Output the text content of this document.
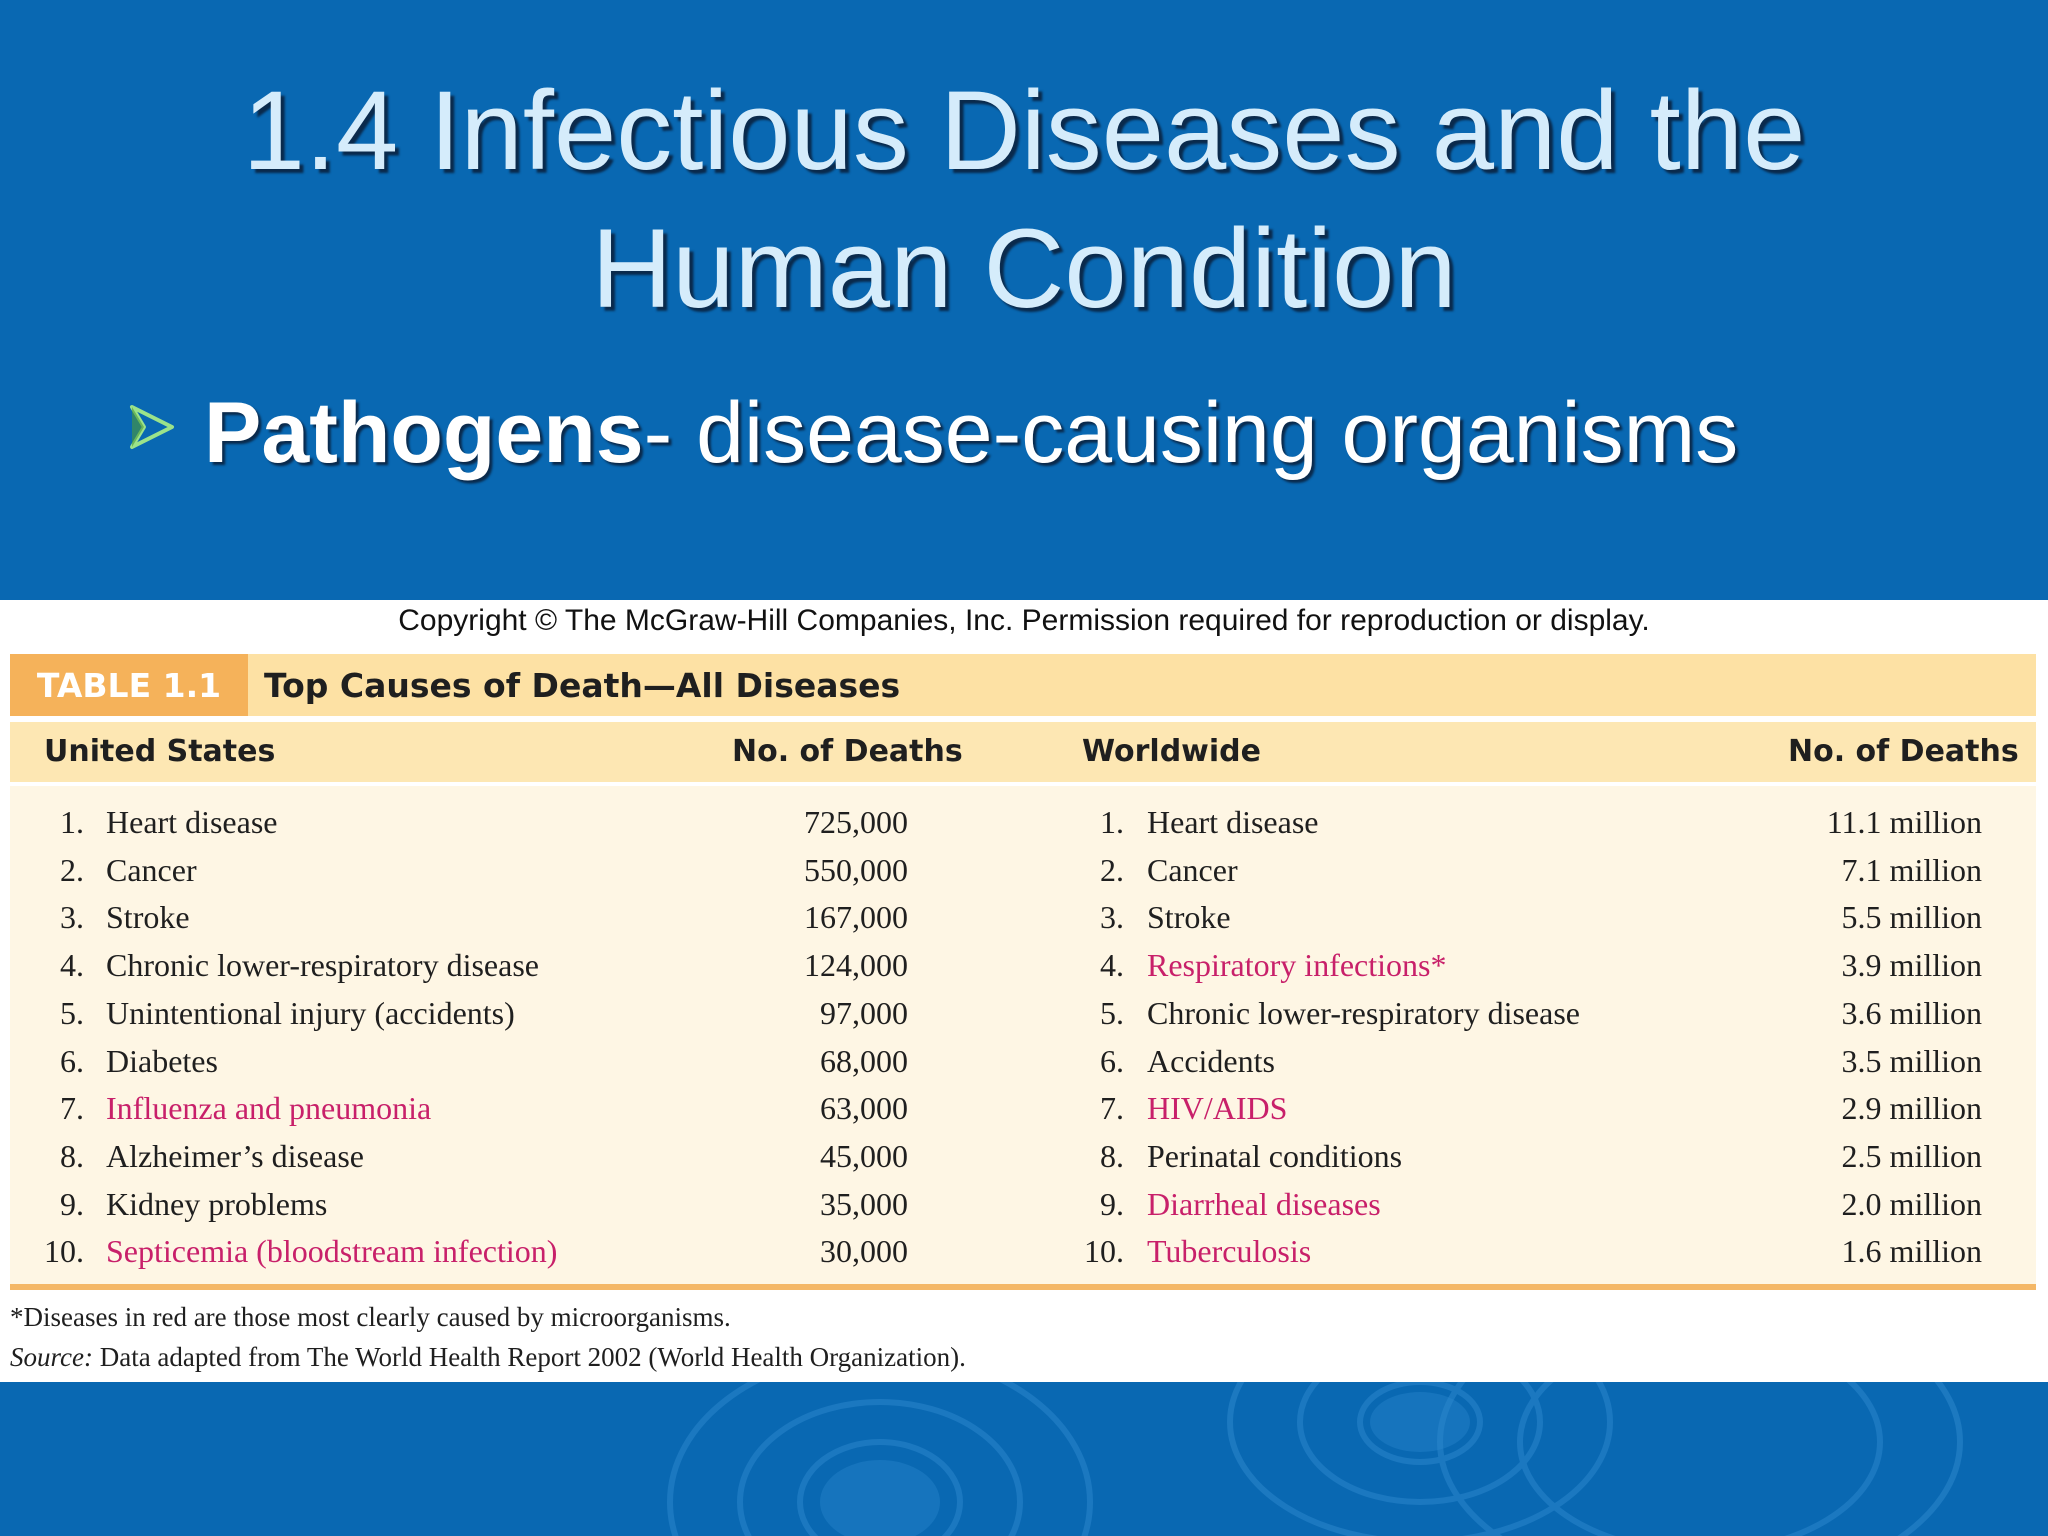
1.4 Infectious Diseases and the
Human Condition
Pathogens - disease-causing organisms
Copyright © The McGraw-Hill Companies, Inc. Permission required for reproduction or display.
TABLE 1.1	Top Causes of Death—All Diseases
United States	No. of Deaths	Worldwide	No. of Deaths
1. Heart disease	725,000	1. Heart disease	11.1 million
2. Cancer	550,000	2. Cancer	7.1 million
3. Stroke	167,000	3. Stroke	5.5 million
4. Chronic lower-respiratory disease	124,000	4. Respiratory infections*	3.9 million
5. Unintentional injury (accidents)	97,000	5. Chronic lower-respiratory disease	3.6 million
6. Diabetes	68,000	6. Accidents	3.5 million
7. Influenza and pneumonia	63,000	7. HIV/AIDS	2.9 million
8. Alzheimer’s disease	45,000	8. Perinatal conditions	2.5 million
9. Kidney problems	35,000	9. Diarrheal diseases	2.0 million
10. Septicemia (bloodstream infection)	30,000	10. Tuberculosis	1.6 million
*Diseases in red are those most clearly caused by microorganisms.
Source: Data adapted from The World Health Report 2002 (World Health Organization).
